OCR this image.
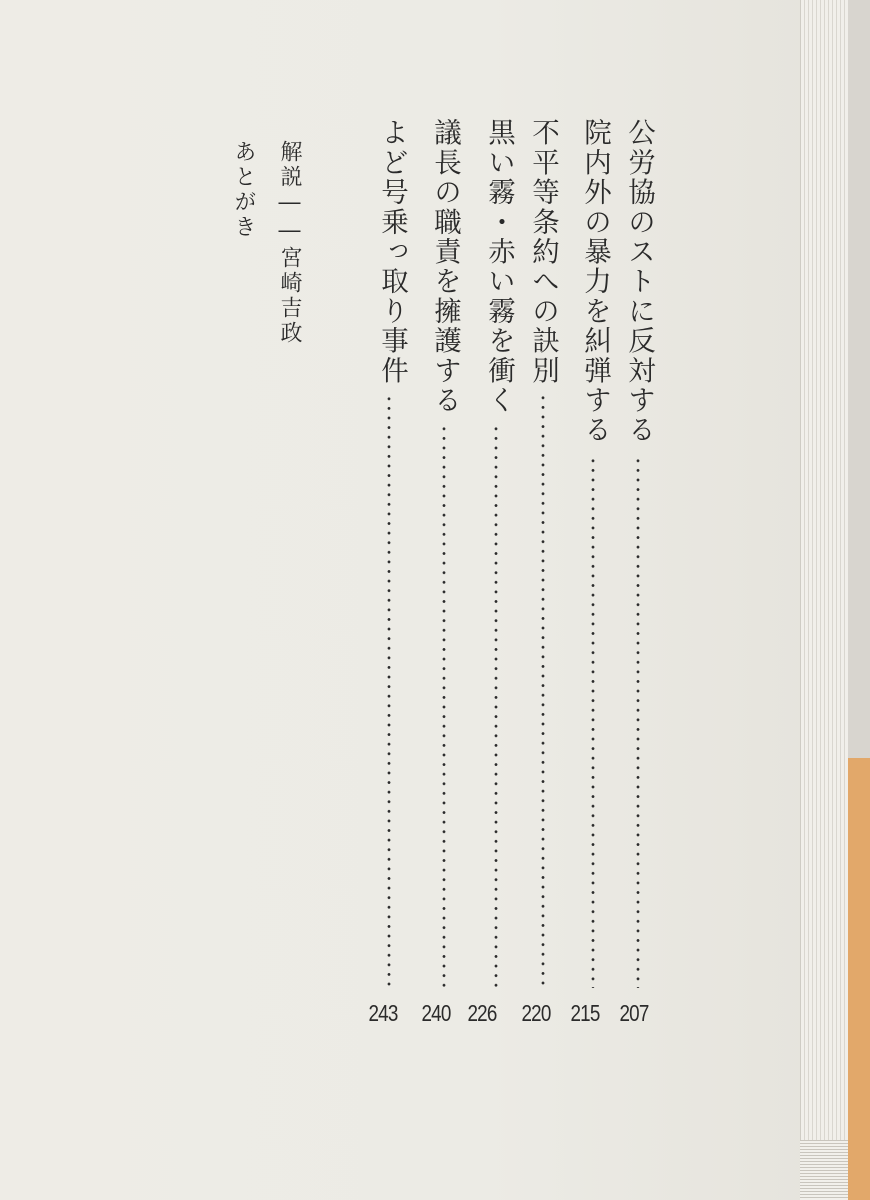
公労協のストに反対する
207
院内外の暴力を糾弾する
215
不平等条約への訣別
220
黒い霧・赤い霧を衝く
226
議長の職責を擁護する
240
よど号乗っ取り事件
243
解説――宮崎吉政
あとがき
